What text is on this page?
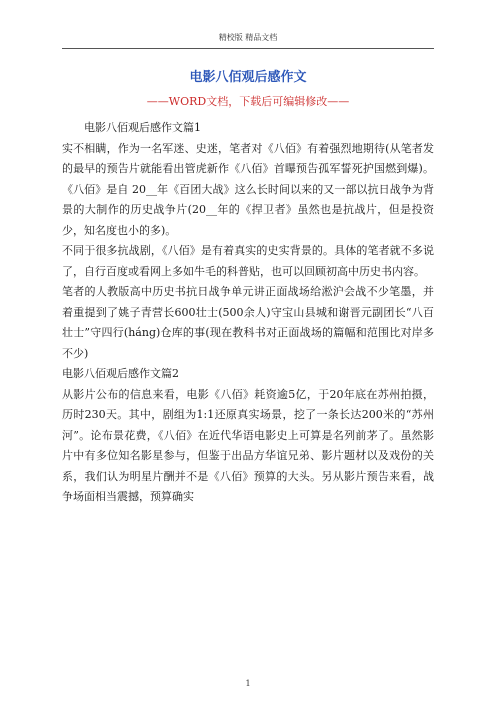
精校版 精品文档
电影八佰观后感作文
——WORD文档，下载后可编辑修改——

电影八佰观后感作文篇1

实不相瞒，作为一名军迷、史迷，笔者对《八佰》有着强烈地期待(从笔者发的最早的预告片就能看出管虎新作《八佰》首曝预告孤军誓死护国燃到爆)。《八佰》是自 20__年《百团大战》这么长时间以来的又一部以抗日战争为背景的大制作的历史战争片(20__年的《捍卫者》虽然也是抗战片，但是投资少，知名度也小的多)。

不同于很多抗战剧，《八佰》是有着真实的史实背景的。具体的笔者就不多说了，自行百度或看网上多如牛毛的科普贴，也可以回顾初高中历史书内容。

笔者的人教版高中历史书抗日战争单元讲正面战场给淞沪会战不少笔墨，并着重提到了姚子青营长600壮士(500余人)守宝山县城和谢晋元副团长“八百壮士”守四行(háng)仓库的事(现在教科书对正面战场的篇幅和范围比对岸多不少)

电影八佰观后感作文篇2

从影片公布的信息来看，电影《八佰》耗资逾5亿，于20年底在苏州拍摄，历时230天。其中，剧组为1:1还原真实场景，挖了一条长达200米的“苏州河”。论布景花费，《八佰》在近代华语电影史上可算是名列前茅了。虽然影片中有多位知名影星参与，但鉴于出品方华谊兄弟、影片题材以及戏份的关系，我们认为明星片酬并不是《八佰》预算的大头。另从影片预告来看，战争场面相当震撼，预算确实

1
